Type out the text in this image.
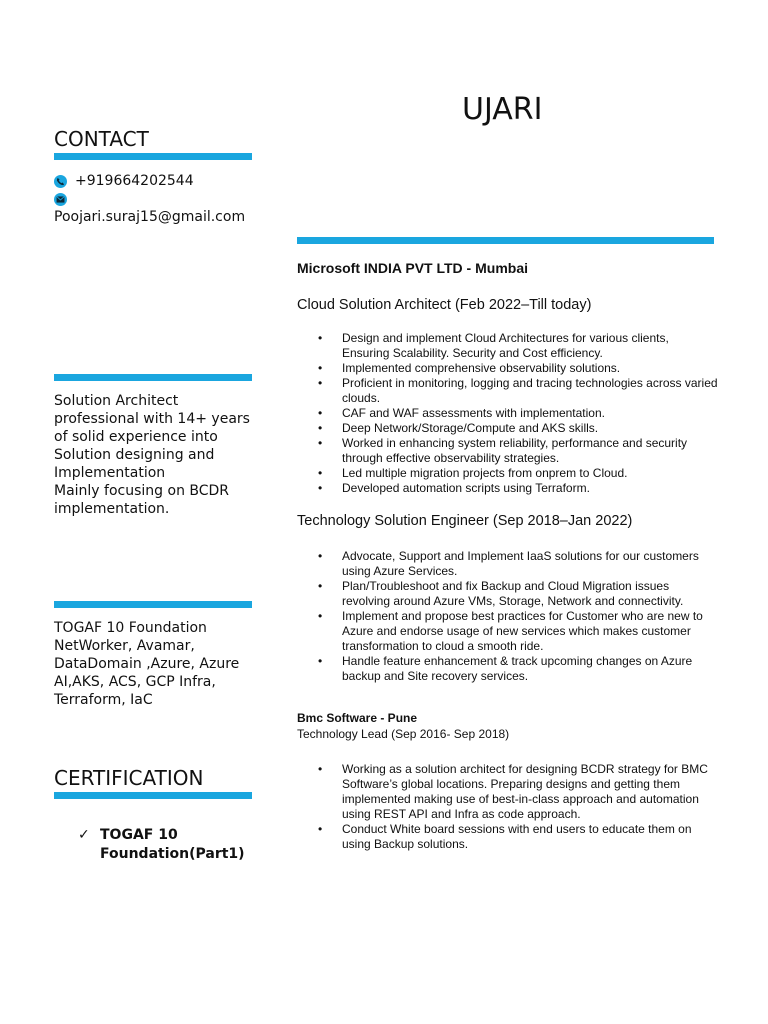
UJARI
CONTACT
+919664202544
Poojari.suraj15@gmail.com
Solution Architect
professional with 14+ years
of solid experience into
Solution designing and
Implementation
Mainly focusing on BCDR
implementation.
TOGAF 10 Foundation
NetWorker, Avamar,
DataDomain ,Azure, Azure
AI,AKS, ACS, GCP Infra,
Terraform, IaC
CERTIFICATION
✓ TOGAF 10
Foundation(Part1)
Microsoft INDIA PVT LTD - Mumbai
Cloud Solution Architect (Feb 2022–Till today)
• Design and implement Cloud Architectures for various clients, Ensuring Scalability. Security and Cost efficiency.
• Implemented comprehensive observability solutions.
• Proficient in monitoring, logging and tracing technologies across varied clouds.
• CAF and WAF assessments with implementation.
• Deep Network/Storage/Compute and AKS skills.
• Worked in enhancing system reliability, performance and security through effective observability strategies.
• Led multiple migration projects from onprem to Cloud.
• Developed automation scripts using Terraform.
Technology Solution Engineer (Sep 2018–Jan 2022)
• Advocate, Support and Implement IaaS solutions for our customers using Azure Services.
• Plan/Troubleshoot and fix Backup and Cloud Migration issues revolving around Azure VMs, Storage, Network and connectivity.
• Implement and propose best practices for Customer who are new to Azure and endorse usage of new services which makes customer transformation to cloud a smooth ride.
• Handle feature enhancement & track upcoming changes on Azure backup and Site recovery services.
Bmc Software - Pune
Technology Lead (Sep 2016- Sep 2018)
• Working as a solution architect for designing BCDR strategy for BMC Software’s global locations. Preparing designs and getting them implemented making use of best-in-class approach and automation using REST API and Infra as code approach.
• Conduct White board sessions with end users to educate them on using Backup solutions.
